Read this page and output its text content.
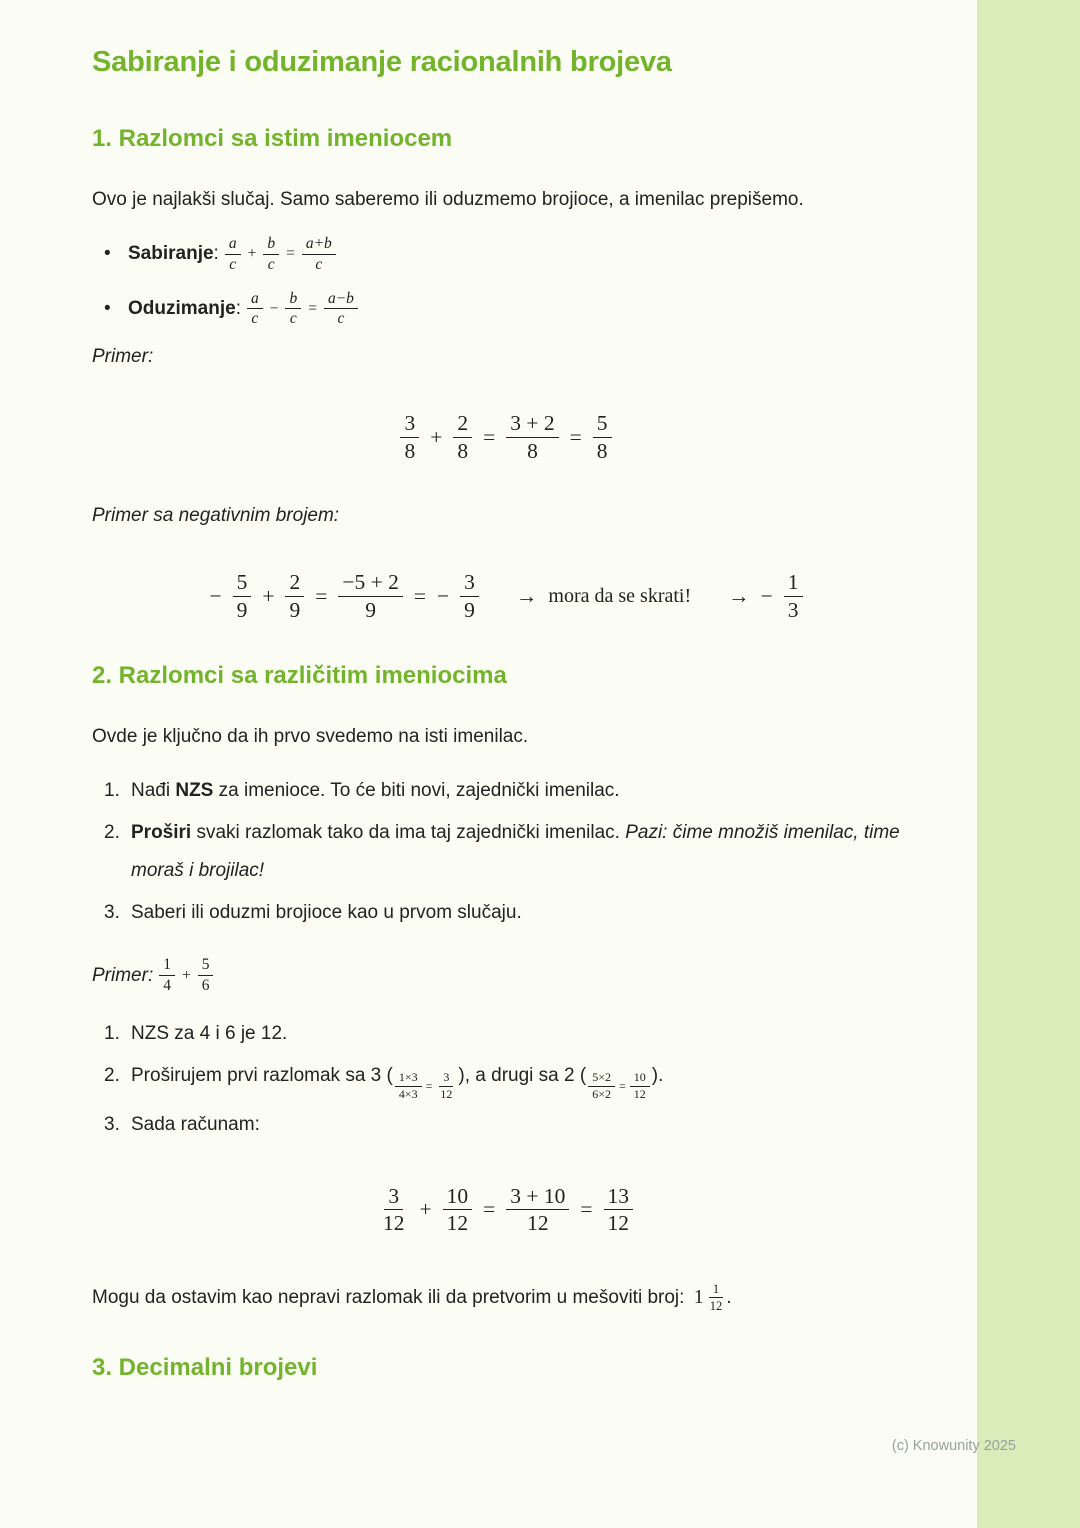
Sabiranje i oduzimanje racionalnih brojeva
1. Razlomci sa istim imeniocem

Ovo je najlakši slučaj. Samo saberemo ili oduzmemo brojioce, a imenilac prepišemo.

• Sabiranje : $\frac{a}{c} + \frac{b}{c} = \frac{a+b}{c}$
• Oduzimanje : $\frac{a}{c} - \frac{b}{c} = \frac{a-b}{c}$

Primer:

$\frac{3}{8} + \frac{2}{8} = \frac{3 + 2}{8} = \frac{5}{8}$

Primer sa negativnim brojem:

− $\frac{5}{9} + \frac{2}{9} = \frac{-5 + 2}{9}$ = − $\frac{3}{9}$ → mora da se skrati! → − $\frac{1}{3}$
2. Razlomci sa različitim imeniocima

Ovde je ključno da ih prvo svedemo na isti imenilac.

1. Nađi NZS za imenioce. To će biti novi, zajednički imenilac.
2. Proširi svaki razlomak tako da ima taj zajednički imenilac. Pazi: čime množiš imenilac, time moraš i brojilac!
3. Saberi ili oduzmi brojioce kao u prvom slučaju.
Primer: $\frac{1}{4} + \frac{5}{6}$
1. NZS za 4 i 6 je 12.
2. Proširujem prvi razlomak sa 3 ( $\frac{1\times 3}{4\times 3} = \frac{3}{12}$ ), a drugi sa 2 ( $\frac{5\times 2}{6\times 2} = \frac{10}{12}$ ).
3. Sada računam:
$\frac{3}{12} + \frac{10}{12} = \frac{3 + 10}{12} = \frac{13}{12}$

Mogu da ostavim kao nepravi razlomak ili da pretvorim u mešoviti broj: $1 \frac{1}{12}$ .

3. Decimalni brojevi
(c) Knowunity 2025
